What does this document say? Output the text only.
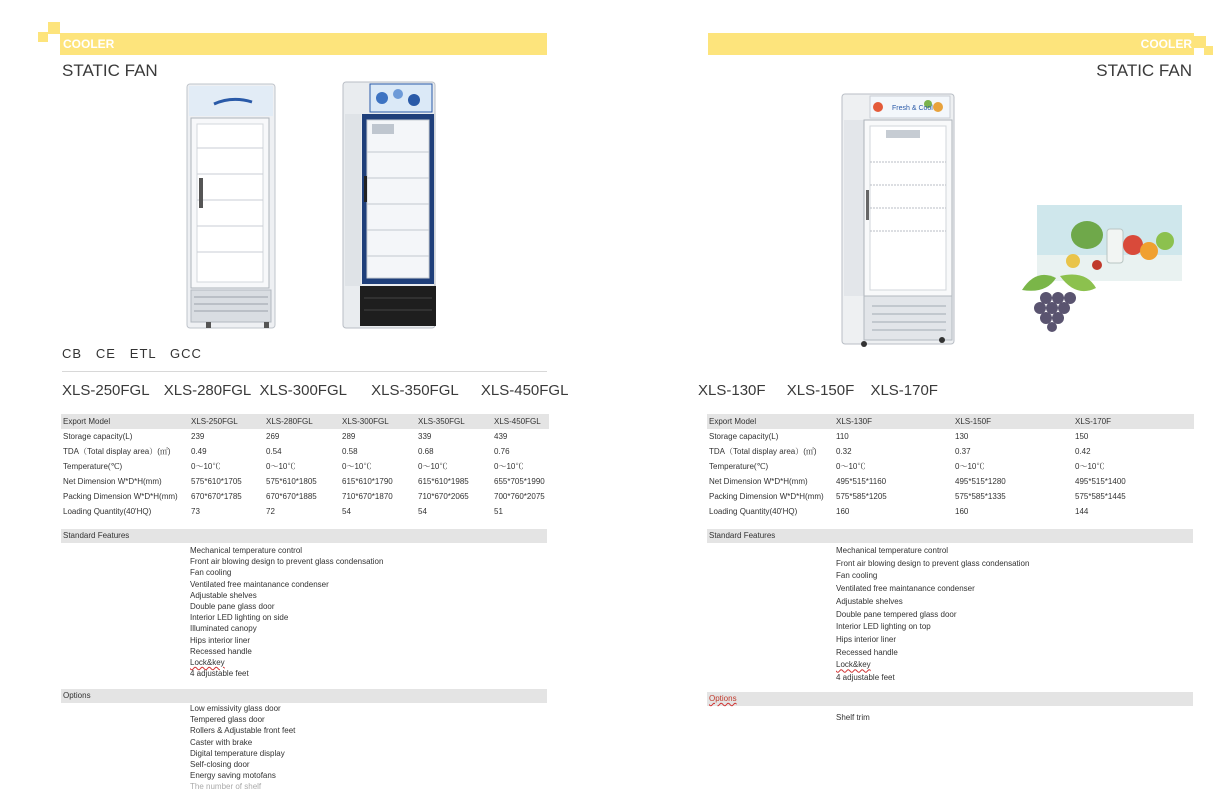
COOLER
STATIC FAN
CB   CE   ETL   GCC
XLS-250FGL XLS-280FGL XLS-300FGL XLS-350FGL XLS-450FGL
Export Model	XLS-250FGL	XLS-280FGL	XLS-300FGL	XLS-350FGL	XLS-450FGL
Storage capacity(L)	239	269	289	339	439
TDA（Total display area）(㎡)	0.49	0.54	0.58	0.68	0.76
Temperature(℃)	0～10℃	0～10℃	0～10℃	0～10℃	0～10℃
Net Dimension W*D*H(mm)	575*610*1705	575*610*1805	615*610*1790	615*610*1985	655*705*1990
Packing Dimension W*D*H(mm)	670*670*1785	670*670*1885	710*670*1870	710*670*2065	700*760*2075
Loading Quantity(40'HQ)	73	72	54	54	51
Standard Features
Mechanical temperature control
Front air blowing design to prevent glass condensation
Fan cooling
Ventilated free maintanance condenser
Adjustable shelves
Double pane glass door
Interior LED lighting on side
Illuminated canopy
Hips interior liner
Recessed handle
Lock&key
4 adjustable feet
Options
Low emissivity glass door
Tempered glass door
Rollers & Adjustable front feet
Caster with brake
Digital temperature display
Self-closing door
Energy saving motofans
The number of shelf
COOLER
STATIC FAN
Fresh & Cool
XLS-130F XLS-150F XLS-170F
Export Model	XLS-130F	XLS-150F	XLS-170F
Storage capacity(L)	110	130	150
TDA（Total display area）(㎡)	0.32	0.37	0.42
Temperature(℃)	0～10℃	0～10℃	0～10℃
Net Dimension W*D*H(mm)	495*515*1160	495*515*1280	495*515*1400
Packing Dimension W*D*H(mm)	575*585*1205	575*585*1335	575*585*1445
Loading Quantity(40'HQ)	160	160	144
Standard Features
Mechanical temperature control
Front air blowing design to prevent glass condensation
Fan cooling
Ventilated free maintanance condenser
Adjustable shelves
Double pane tempered glass door
Interior LED lighting on top
Hips interior liner
Recessed handle
Lock&key
4 adjustable feet
Options
Shelf trim
